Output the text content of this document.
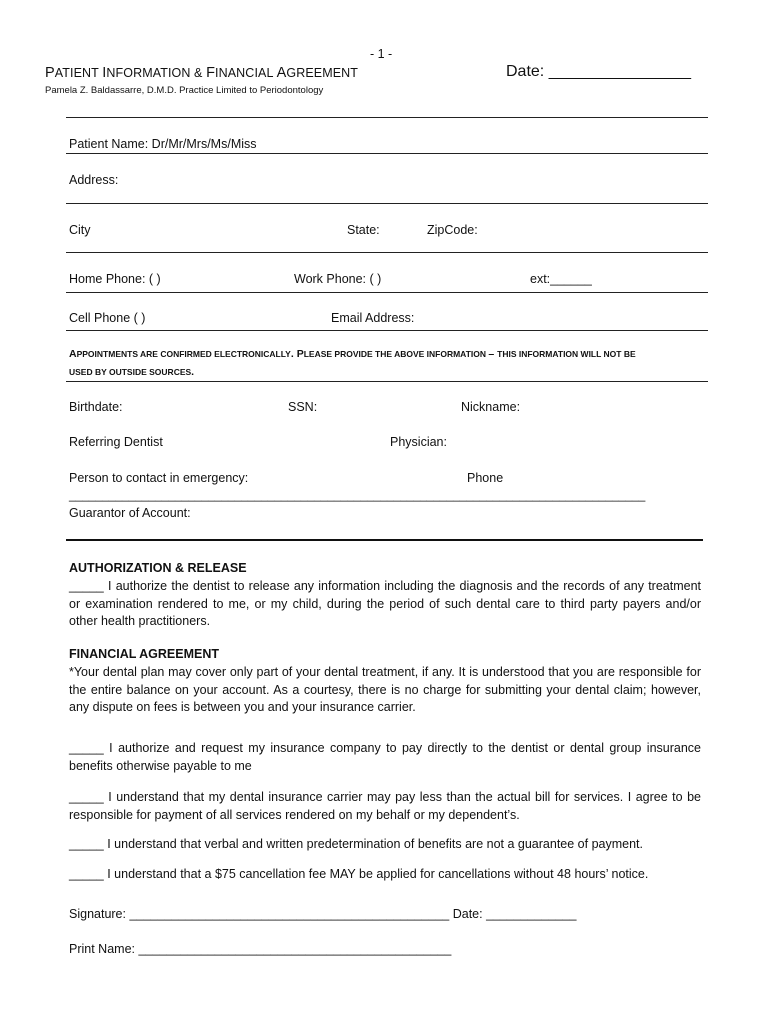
- 1 -
PATIENT INFORMATION & FINANCIAL AGREEMENT	Date: ________________
Pamela Z. Baldassarre, D.M.D. Practice Limited to Periodontology
Patient Name: Dr/Mr/Mrs/Ms/Miss
Address:
City	State:	ZipCode:
Home Phone: ( )	Work Phone: ( )	ext:______
Cell Phone ( )	Email Address:
APPOINTMENTS ARE CONFIRMED ELECTRONICALLY. PLEASE PROVIDE THE ABOVE INFORMATION – THIS INFORMATION WILL NOT BE
USED BY OUTSIDE SOURCES.
Birthdate:	SSN:	Nickname:
Referring Dentist	Physician:
Person to contact in emergency:	Phone
_______________________________________________________________________________________
Guarantor of Account:
AUTHORIZATION & RELEASE
_____ I authorize the dentist to release any information including the diagnosis and the records of any treatment or examination rendered to me, or my child, during the period of such dental care to third party payers and/or other health practitioners.
FINANCIAL AGREEMENT
*Your dental plan may cover only part of your dental treatment, if any. It is understood that you are responsible for the entire balance on your account. As a courtesy, there is no charge for submitting your dental claim; however, any dispute on fees is between you and your insurance carrier.
_____ I authorize and request my insurance company to pay directly to the dentist or dental group insurance benefits otherwise payable to me
_____ I understand that my dental insurance carrier may pay less than the actual bill for services. I agree to be responsible for payment of all services rendered on my behalf or my dependent’s.
_____ I understand that verbal and written predetermination of benefits are not a guarantee of payment.
_____ I understand that a $75 cancellation fee MAY be applied for cancellations without 48 hours’ notice.
Signature: ______________________________________________ Date: _____________
Print Name: _____________________________________________
